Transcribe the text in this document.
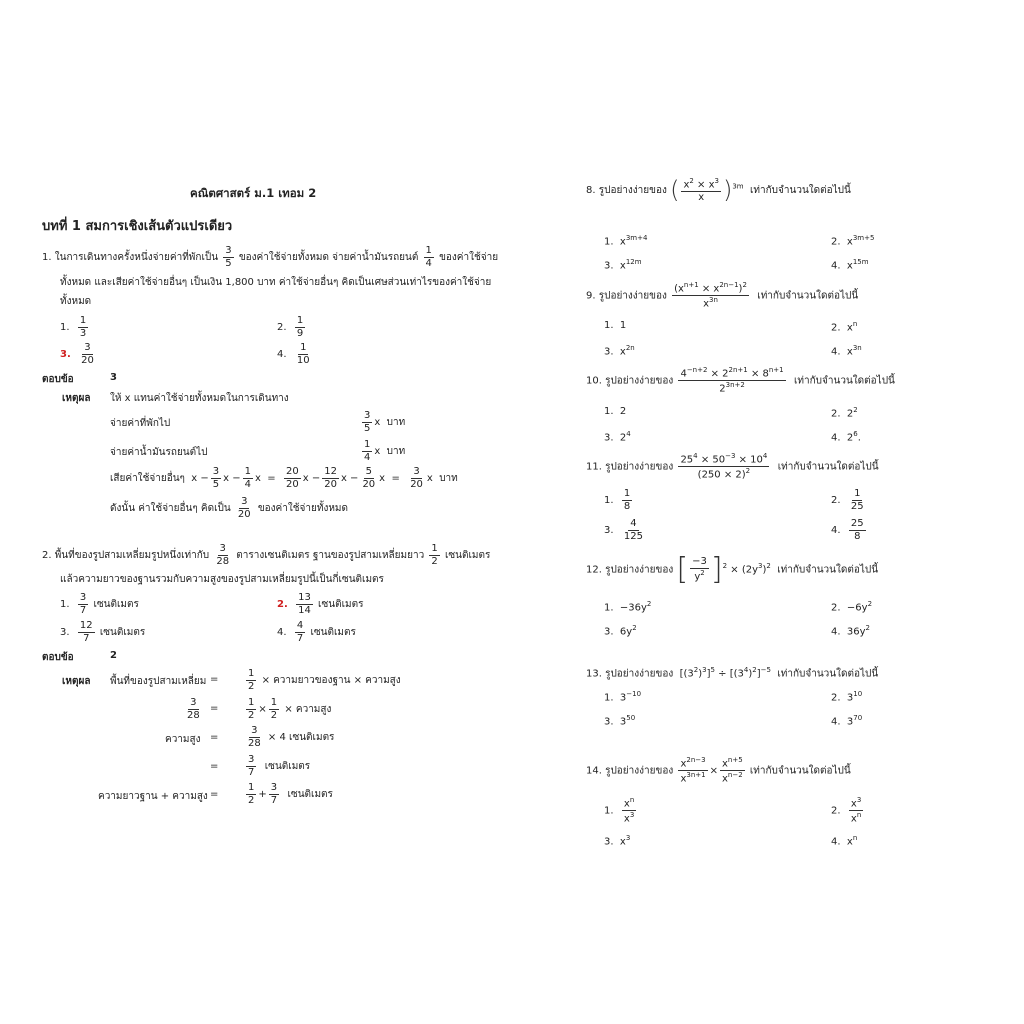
คณิตศาสตร์ ม.1 เทอม 2
บทที่ 1 สมการเชิงเส้นตัวแปรเดียว
1. ในการเดินทางครั้งหนึ่งจ่ายค่าที่พักเป็น $\frac{3}{5}$ ของค่าใช้จ่ายทั้งหมด จ่ายค่าน้ำมันรถยนต์ $\frac{1}{4}$ ของค่าใช้จ่าย
ทั้งหมด และเสียค่าใช้จ่ายอื่นๆ เป็นเงิน 1,800 บาท ค่าใช้จ่ายอื่นๆ คิดเป็นเศษส่วนเท่าไรของค่าใช้จ่าย
ทั้งหมด
1. $\frac{1}{3}$	2. $\frac{1}{9}$
3. $\frac{3}{20}$	4. $\frac{1}{10}$
ตอบข้อ	3
เหตุผล ให้ x แทนค่าใช้จ่ายทั้งหมดในการเดินทาง
จ่ายค่าที่พักไป	$\frac{3}{5}$ x  บาท
จ่ายค่าน้ำมันรถยนต์ไป	$\frac{1}{4}$ x  บาท
เสียค่าใช้จ่ายอื่นๆ  $x - \frac{3}{5}$ $x - \frac{1}{4}$ $x = \frac{20}{20}$ $x - \frac{12}{20}$ $x - \frac{5}{20}$ $x = \frac{3}{20}$ x  บาท
ดังนั้น ค่าใช้จ่ายอื่นๆ คิดเป็น $\frac{3}{20}$ ของค่าใช้จ่ายทั้งหมด
2. พื้นที่ของรูปสามเหลี่ยมรูปหนึ่งเท่ากับ $\frac{3}{28}$ ตารางเซนติเมตร ฐานของรูปสามเหลี่ยมยาว $\frac{1}{2}$ เซนติเมตร
แล้วความยาวของฐานรวมกับความสูงของรูปสามเหลี่ยมรูปนี้เป็นกี่เซนติเมตร
1. $\frac{3}{7}$ เซนติเมตร	2. $\frac{13}{14}$ เซนติเมตร
3. $\frac{12}{7}$ เซนติเมตร	4. $\frac{4}{7}$ เซนติเมตร
ตอบข้อ	2
เหตุผล พื้นที่ของรูปสามเหลี่ยม =	$\frac{1}{2}$ × ความยาวของฐาน × ความสูง
$\frac{3}{28}$ =	$\frac{1}{2} \times \frac{1}{2}$ × ความสูง
ความสูง =	$\frac{3}{28} \times 4$ เซนติเมตร
=	$\frac{3}{7}$ เซนติเมตร
ความยาวฐาน + ความสูง =	$\frac{1}{2} + \frac{3}{7}$ เซนติเมตร
8. รูปอย่างง่ายของ ( $\frac{x^2 \times x^3}{x} )^{3m}$ เท่ากับจำนวนใดต่อไปนี้
1.  $x^{3m+4}$	2.  $x^{3m+5}$
3.  $x^{12m}$	4.  $x^{15m}$
9. รูปอย่างง่ายของ $\frac{(x^{n+1} \times x^{2n-1})^2}{x^{3n}}$ เท่ากับจำนวนใดต่อไปนี้
1.  1	2.  $x^n$
3.  $x^{2n}$	4.  $x^{3n}$
10. รูปอย่างง่ายของ $\frac{4^{-n+2} \times 2^{2n+1} \times 8^{n+1}}{2^{3n+2}}$ เท่ากับจำนวนใดต่อไปนี้
1.  2	2.  $2^2$
3.  $2^4$	4.  $2^6$.
11. รูปอย่างง่ายของ $\frac{25^4 \times 50^{-3} \times 10^4}{(250 \times 2)^2}$ เท่ากับจำนวนใดต่อไปนี้
1. $\frac{1}{8}$	2. $\frac{1}{25}$
3. $\frac{4}{125}$	4. $\frac{25}{8}$
12. รูปอย่างง่ายของ [ $\frac{-3}{y^2} ]^2 \times (2y^3)^2$ เท่ากับจำนวนใดต่อไปนี้
1.  $-36y^2$	2.  $-6y^2$
3.  $6y^2$	4.  $36y^2$
13. รูปอย่างง่ายของ  $[(3^2)^3]^5 \div [(3^4)^2]^{-5}$ เท่ากับจำนวนใดต่อไปนี้
1.  $3^{-10}$	2.  $3^{10}$
3.  $3^{50}$	4.  $3^{70}$
14. รูปอย่างง่ายของ $\frac{x^{2n-3}}{x^{3n+1}} \times \frac{x^{n+5}}{x^{n-2}}$ เท่ากับจำนวนใดต่อไปนี้
1. $\frac{x^n}{x^3}$	2. $\frac{x^3}{x^n}$
3.  $x^3$	4.  $x^n$
